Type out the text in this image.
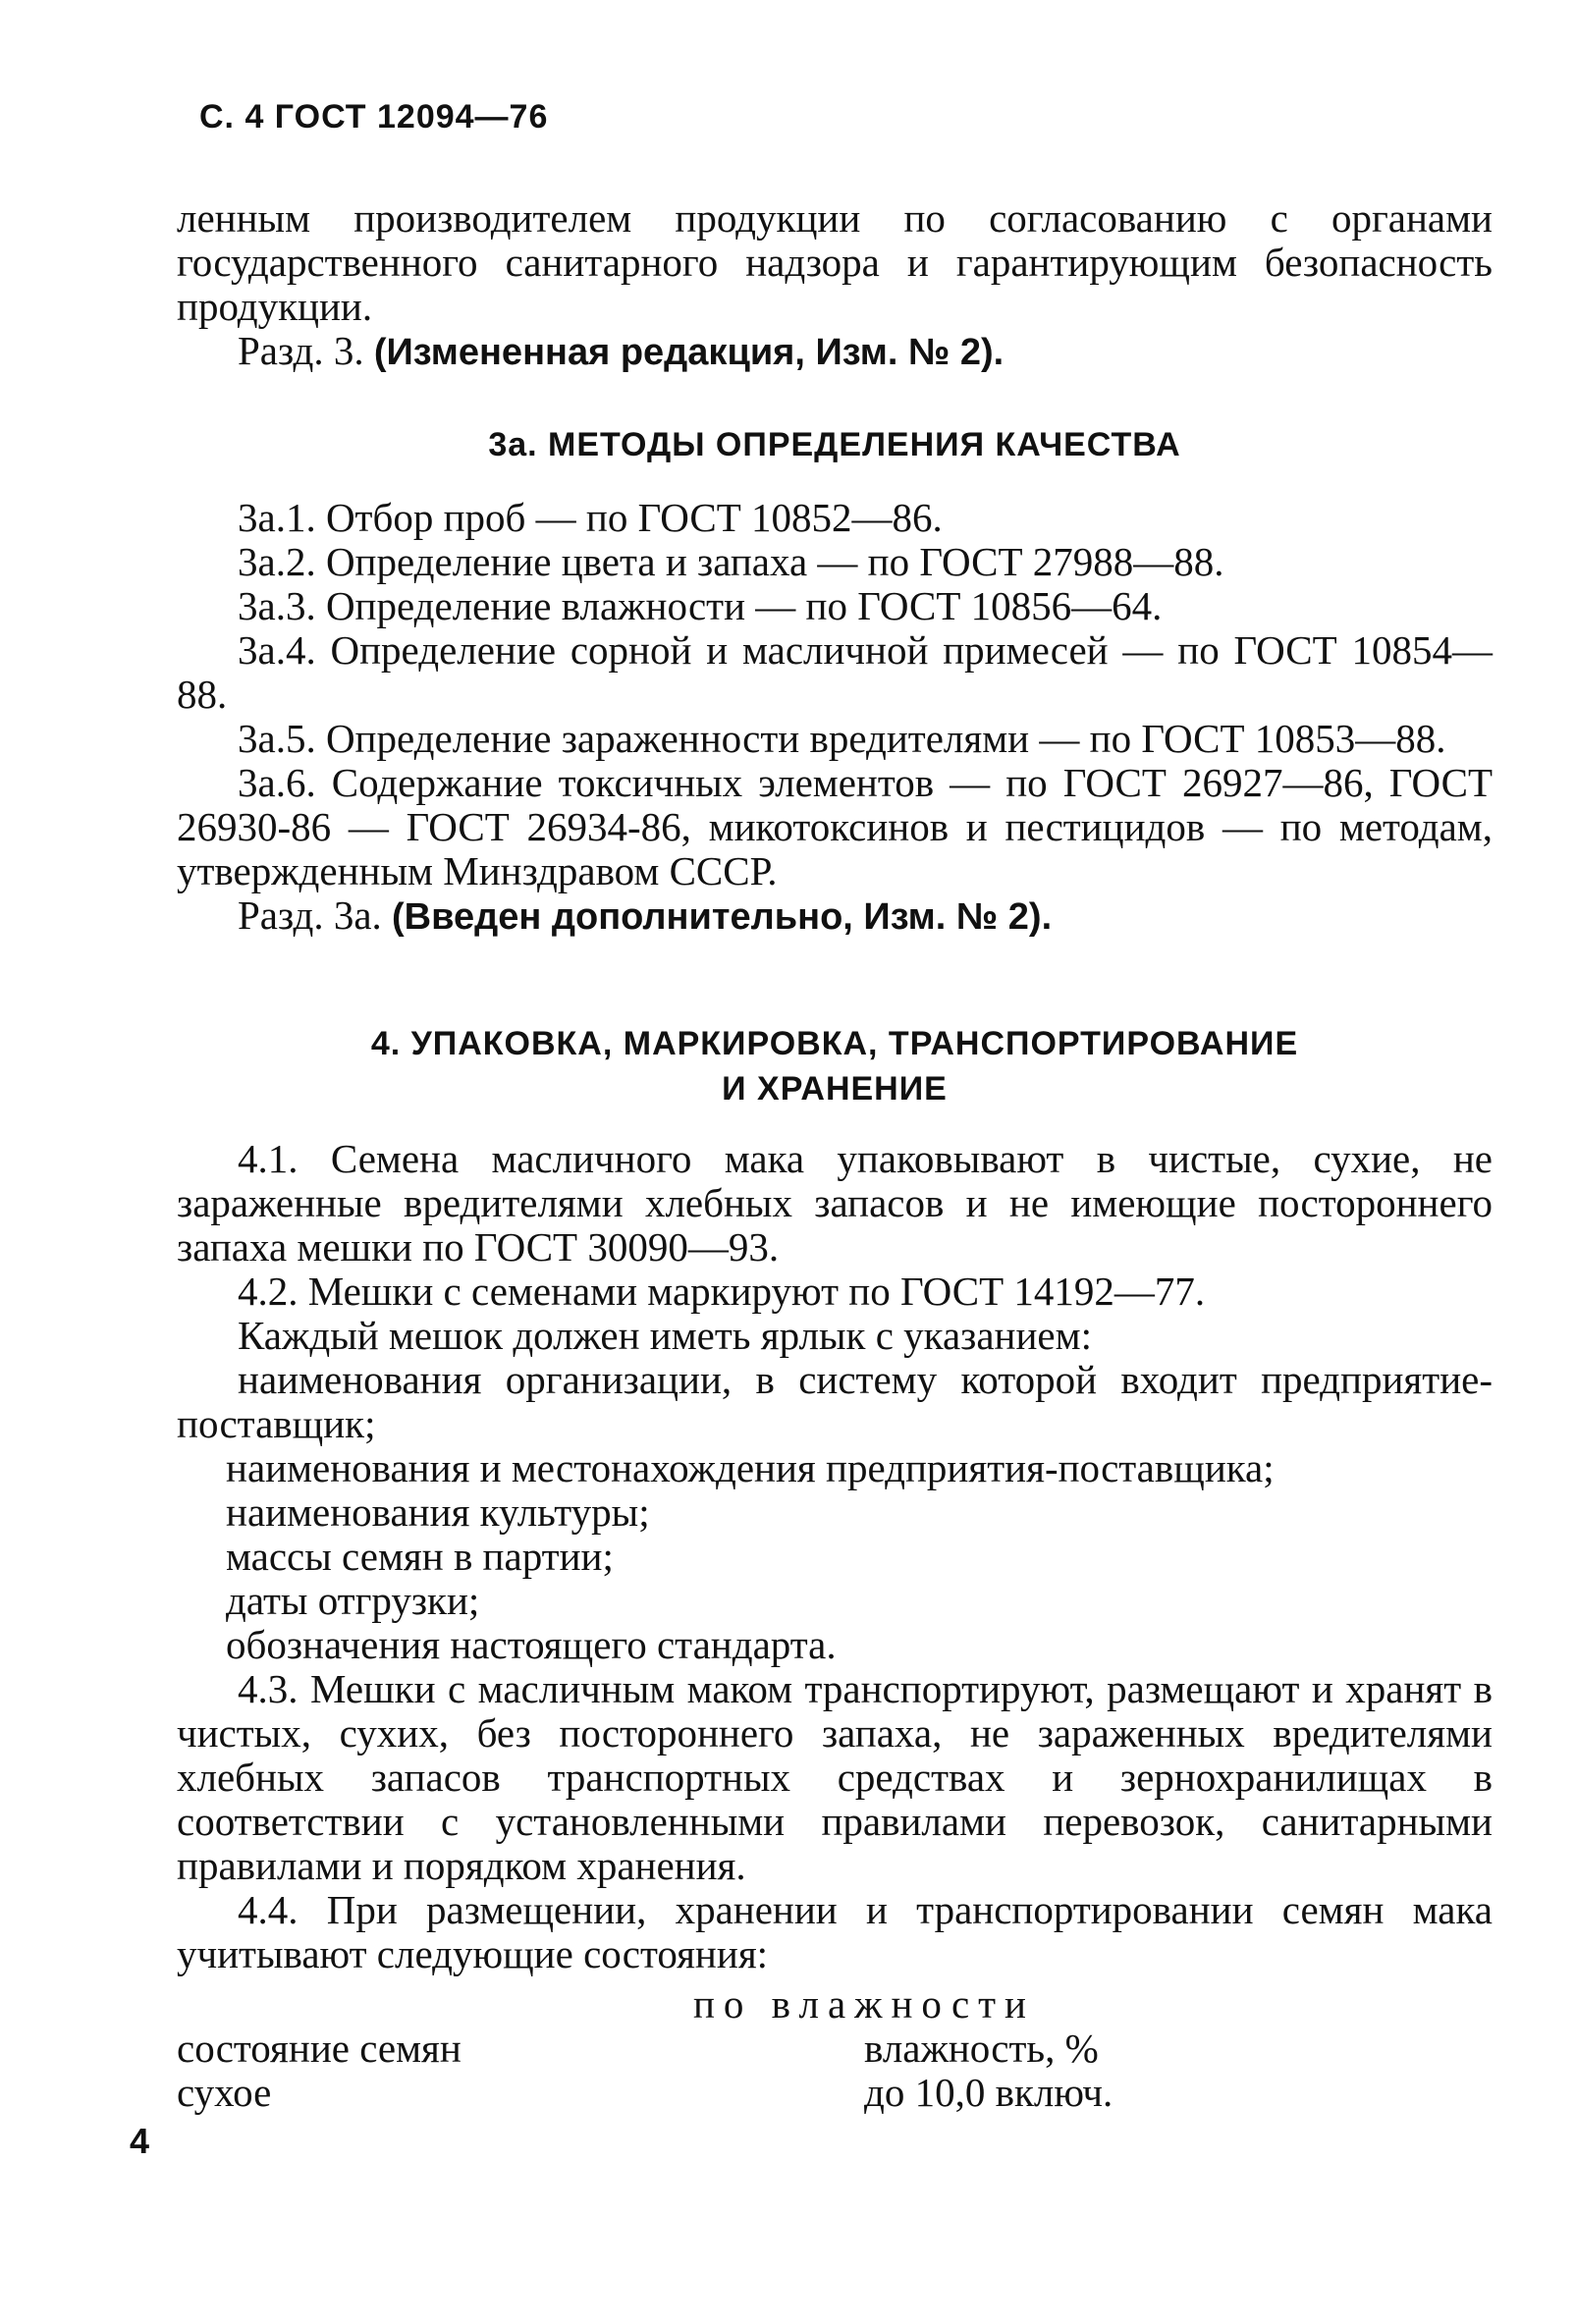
С. 4 ГОСТ 12094—76

ленным производителем продукции по согласованию с органами государственного санитарного надзора и гарантирующим безопасность продукции.

Разд. 3. (Измененная редакция, Изм. № 2).

3а. МЕТОДЫ ОПРЕДЕЛЕНИЯ КАЧЕСТВА

3а.1. Отбор проб — по ГОСТ 10852—86.

3а.2. Определение цвета и запаха — по ГОСТ 27988—88.

3а.3. Определение влажности — по ГОСТ 10856—64.

3а.4. Определение сорной и масличной примесей — по ГОСТ 10854—88.

3а.5. Определение зараженности вредителями — по ГОСТ 10853—88.

3а.6. Содержание токсичных элементов — по ГОСТ 26927—86, ГОСТ 26930-86 — ГОСТ 26934-86, микотоксинов и пестицидов — по методам, утвержденным Минздравом СССР.

Разд. 3а. (Введен дополнительно, Изм. № 2).

4. УПАКОВКА, МАРКИРОВКА, ТРАНСПОРТИРОВАНИЕ
И ХРАНЕНИЕ

4.1. Семена масличного мака упаковывают в чистые, сухие, не зараженные вредителями хлебных запасов и не имеющие постороннего запаха мешки по ГОСТ 30090—93.

4.2. Мешки с семенами маркируют по ГОСТ 14192—77.

Каждый мешок должен иметь ярлык с указанием:

наименования организации, в систему которой входит предприятие-поставщик;

наименования и местонахождения предприятия-поставщика;

наименования культуры;

массы семян в партии;

даты отгрузки;

обозначения настоящего стандарта.

4.3. Мешки с масличным маком транспортируют, размещают и хранят в чистых, сухих, без постороннего запаха, не зараженных вредителями хлебных запасов транспортных средствах и зернохранилищах в соответствии с установленными правилами перевозок, санитарными правилами и порядком хранения.

4.4. При размещении, хранении и транспортировании семян мака учитывают следующие состояния:

по влажности
состояние семян	влажность, %
сухое	до 10,0 включ.
4
